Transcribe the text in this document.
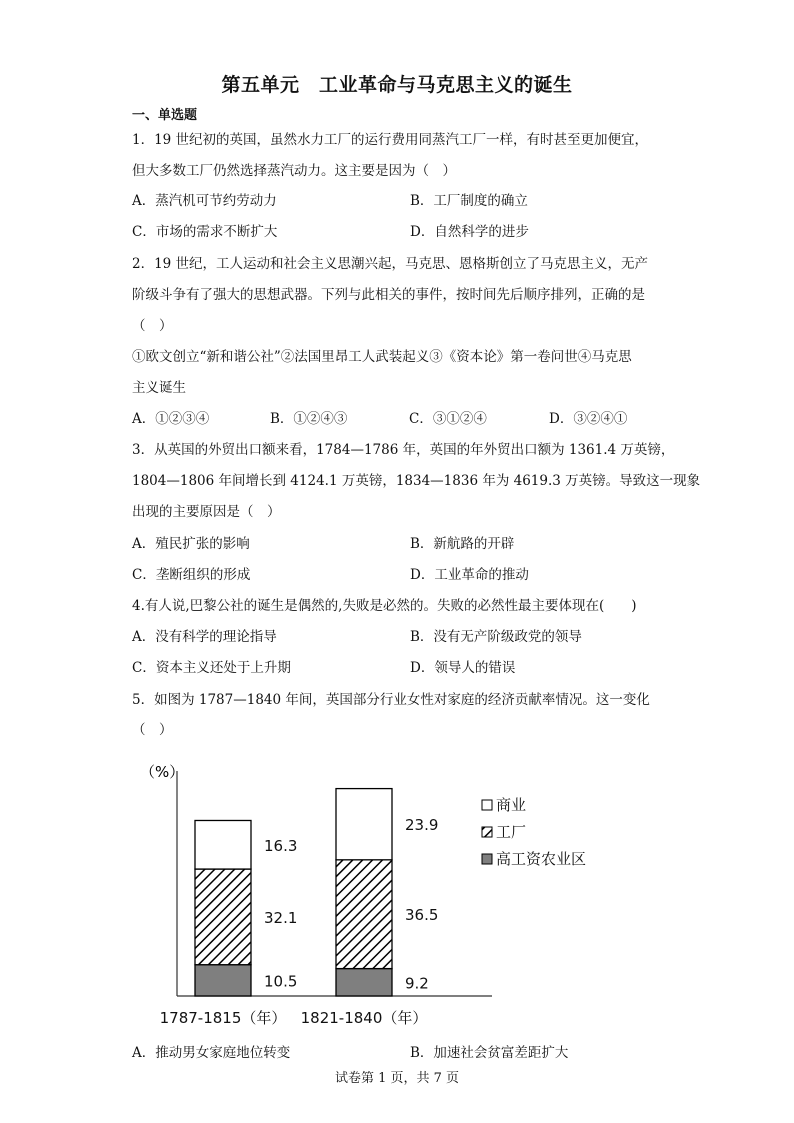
第五单元　工业革命与马克思主义的诞生
一、单选题
1．19 世纪初的英国，虽然水力工厂的运行费用同蒸汽工厂一样，有时甚至更加便宜，
但大多数工厂仍然选择蒸汽动力。这主要是因为（　）
A．蒸汽机可节约劳动力	B．工厂制度的确立
C．市场的需求不断扩大	D．自然科学的进步
2．19 世纪，工人运动和社会主义思潮兴起，马克思、恩格斯创立了马克思主义，无产
阶级斗争有了强大的思想武器。下列与此相关的事件，按时间先后顺序排列，正确的是
（　）
①欧文创立“新和谐公社”②法国里昂工人武装起义③《资本论》第一卷问世④马克思
主义诞生
A．①②③④	B．①②④③	C．③①②④	D．③②④①
3．从英国的外贸出口额来看，1784—1786 年，英国的年外贸出口额为 1361.4 万英镑，
1804—1806 年间增长到 4124.1 万英镑，1834—1836 年为 4619.3 万英镑。导致这一现象
出现的主要原因是（　）
A．殖民扩张的影响	B．新航路的开辟
C．垄断组织的形成	D．工业革命的推动
4.有人说,巴黎公社的诞生是偶然的,失败是必然的。失败的必然性最主要体现在(　　)
A．没有科学的理论指导	B．没有无产阶级政党的领导
C．资本主义还处于上升期	D．领导人的错误
5．如图为 1787—1840 年间，英国部分行业女性对家庭的经济贡献率情况。这一变化
（　）
（%）
10.5
32.1
16.3
1787-1815（年）
9.2
36.5
23.9
1821-1840（年）
商业
工厂
高工资农业区
A．推动男女家庭地位转变	B．加速社会贫富差距扩大
试卷第 1 页，共 7 页
